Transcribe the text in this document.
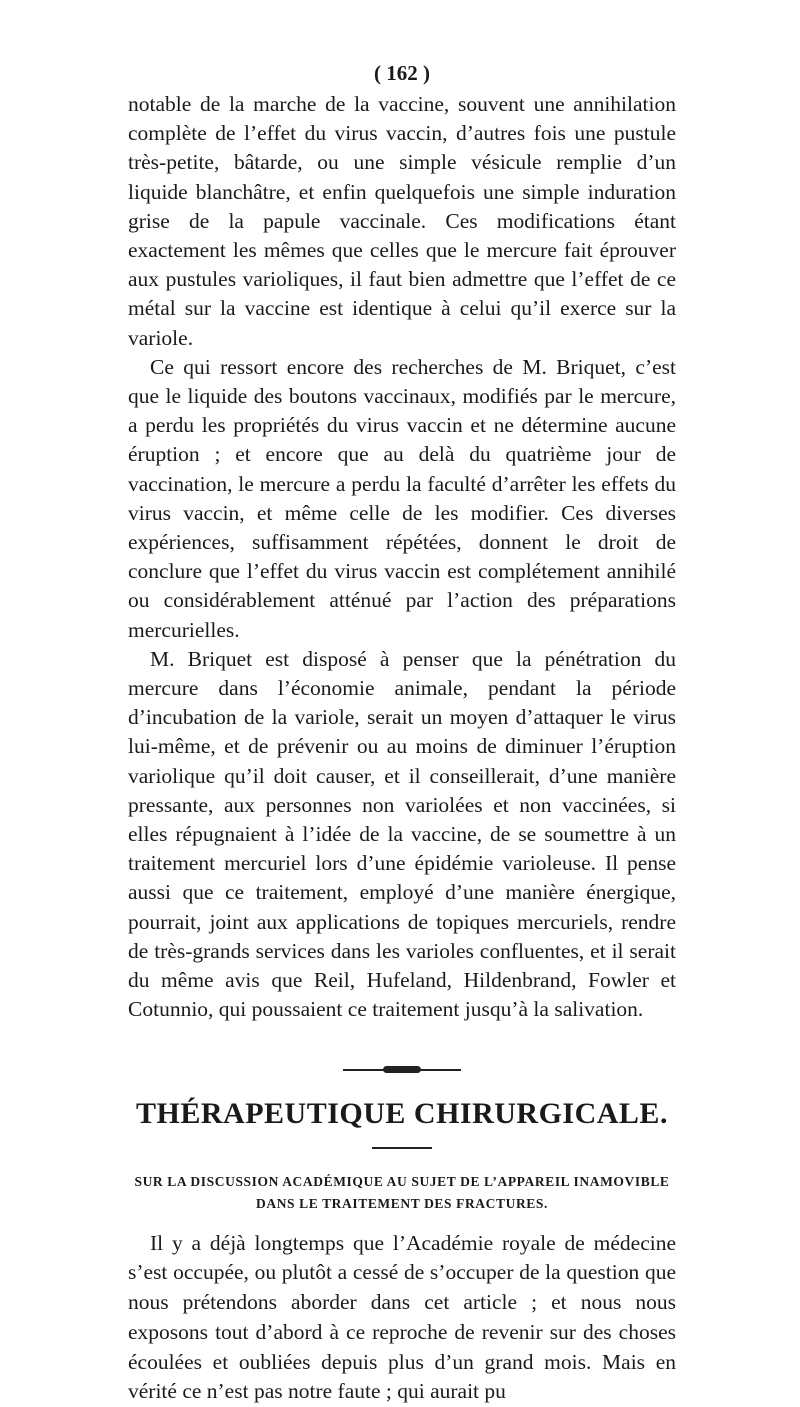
( 162 )

notable de la marche de la vaccine, souvent une annihilation complète de l’effet du virus vaccin, d’autres fois une pustule très-petite, bâtarde, ou une simple vésicule remplie d’un liquide blanchâtre, et enfin quelquefois une simple induration grise de la papule vaccinale. Ces modifications étant exactement les mêmes que celles que le mercure fait éprouver aux pustules varioliques, il faut bien admettre que l’effet de ce métal sur la vaccine est identique à celui qu’il exerce sur la variole.

Ce qui ressort encore des recherches de M. Briquet, c’est que le liquide des boutons vaccinaux, modifiés par le mercure, a perdu les propriétés du virus vaccin et ne détermine aucune éruption ; et encore que au delà du quatrième jour de vaccination, le mercure a perdu la faculté d’arrêter les effets du virus vaccin, et même celle de les modifier. Ces diverses expériences, suffisamment répétées, donnent le droit de conclure que l’effet du virus vaccin est complétement annihilé ou considérablement atténué par l’action des préparations mercurielles.

M. Briquet est disposé à penser que la pénétration du mercure dans l’économie animale, pendant la période d’incubation de la variole, serait un moyen d’attaquer le virus lui-même, et de prévenir ou au moins de diminuer l’éruption variolique qu’il doit causer, et il conseillerait, d’une manière pressante, aux personnes non variolées et non vaccinées, si elles répugnaient à l’idée de la vaccine, de se soumettre à un traitement mercuriel lors d’une épidémie varioleuse. Il pense aussi que ce traitement, employé d’une manière énergique, pourrait, joint aux applications de topiques mercuriels, rendre de très-grands services dans les varioles confluentes, et il serait du même avis que Reil, Hufeland, Hildenbrand, Fowler et Cotunnio, qui poussaient ce traitement jusqu’à la salivation.

THÉRAPEUTIQUE CHIRURGICALE.
SUR LA DISCUSSION ACADÉMIQUE AU SUJET DE L’APPAREIL INAMOVIBLE
DANS LE TRAITEMENT DES FRACTURES.

Il y a déjà longtemps que l’Académie royale de médecine s’est occupée, ou plutôt a cessé de s’occuper de la question que nous prétendons aborder dans cet article ; et nous nous exposons tout d’abord à ce reproche de revenir sur des choses écoulées et oubliées depuis plus d’un grand mois. Mais en vérité ce n’est pas notre faute ; qui aurait pu
